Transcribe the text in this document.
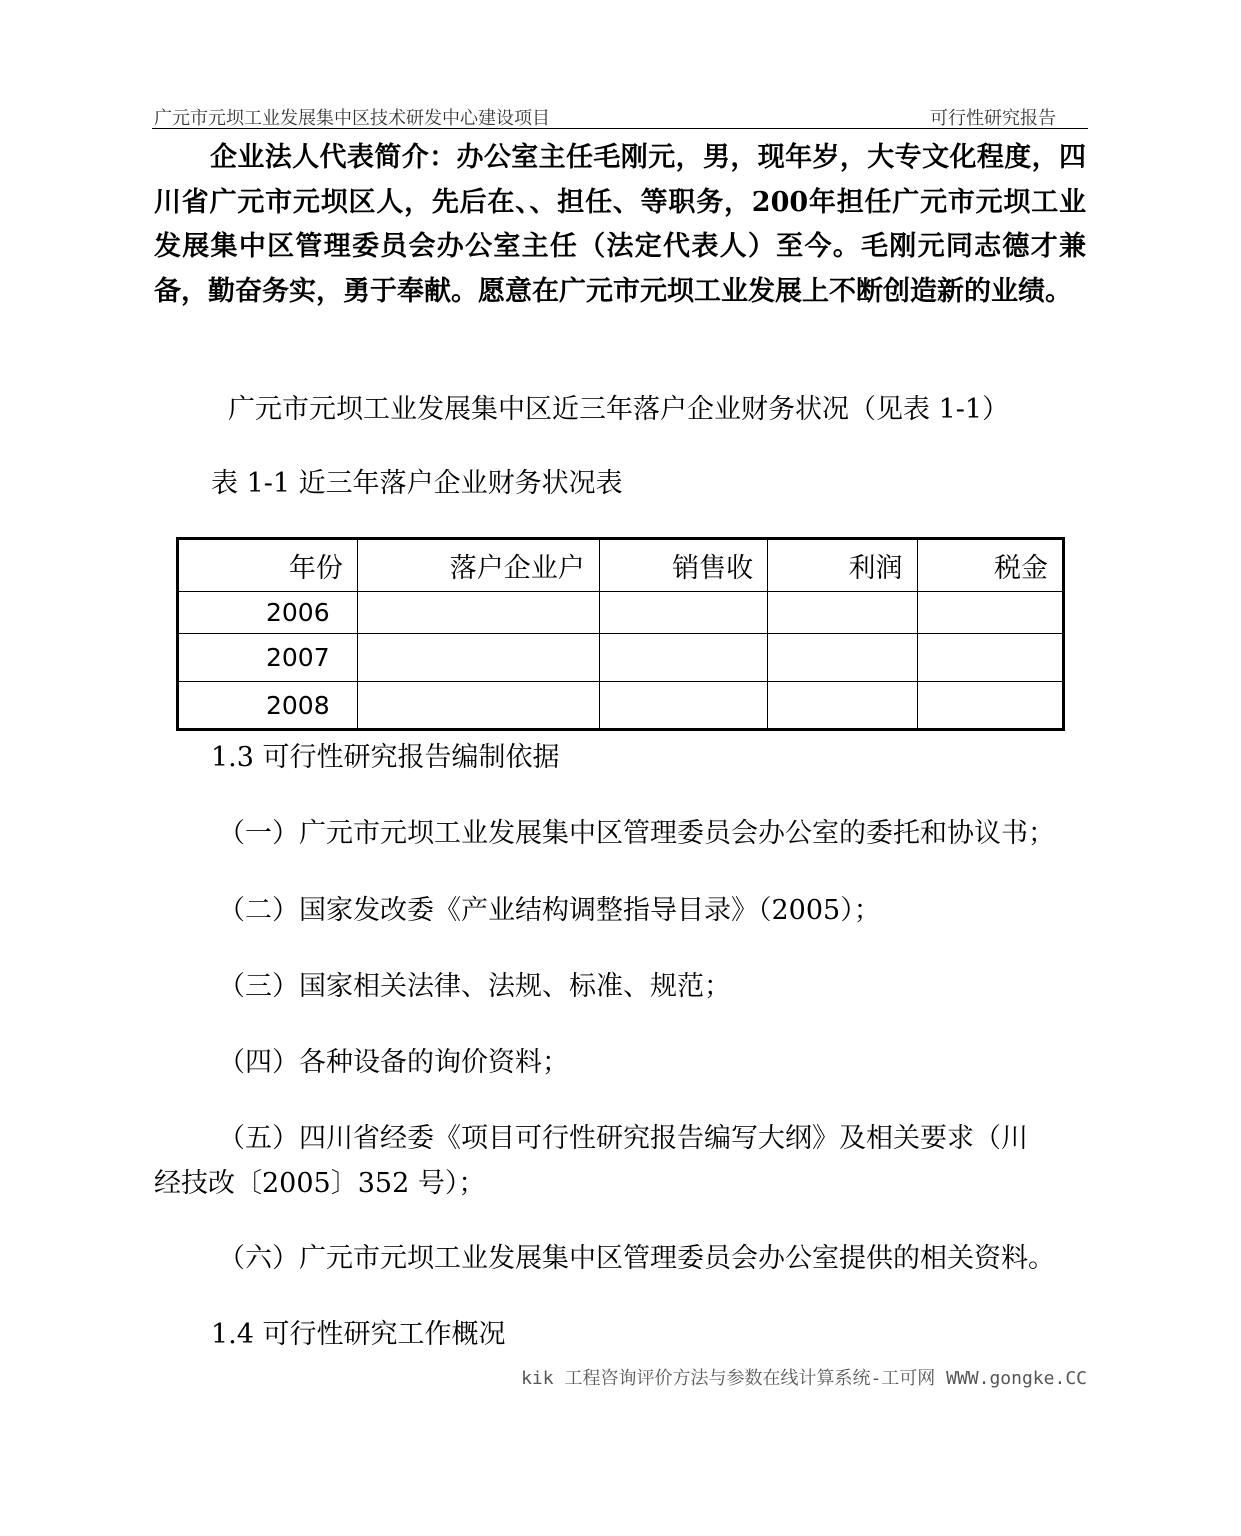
广元市元坝工业发展集中区技术研发中心建设项目	可行性研究报告
企业法人代表简介：办公室主任毛刚元，男，现年岁，大专文化程度，四川省广元市元坝区人，先后在、、担任、等职务，200年担任广元市元坝工业发展集中区管理委员会办公室主任（法定代表人）至今。毛刚元同志德才兼备，勤奋务实，勇于奉献。愿意在广元市元坝工业发展上不断创造新的业绩。
广元市元坝工业发展集中区近三年落户企业财务状况（见表 1-1）
表 1-1 近三年落户企业财务状况表
年份	落户企业户	销售收	利润	税金
2006				
2007				
2008				
1.3 可行性研究报告编制依据
（一）广元市元坝工业发展集中区管理委员会办公室的委托和协议书；
（二）国家发改委《产业结构调整指导目录》（2005）；
（三）国家相关法律、法规、标准、规范；
（四）各种设备的询价资料；
（五）四川省经委《项目可行性研究报告编写大纲》及相关要求（川
经技改〔2005〕352 号）；
（六）广元市元坝工业发展集中区管理委员会办公室提供的相关资料。
1.4 可行性研究工作概况
kik 工程咨询评价方法与参数在线计算系统-工可网 WWW.gongke.CC
